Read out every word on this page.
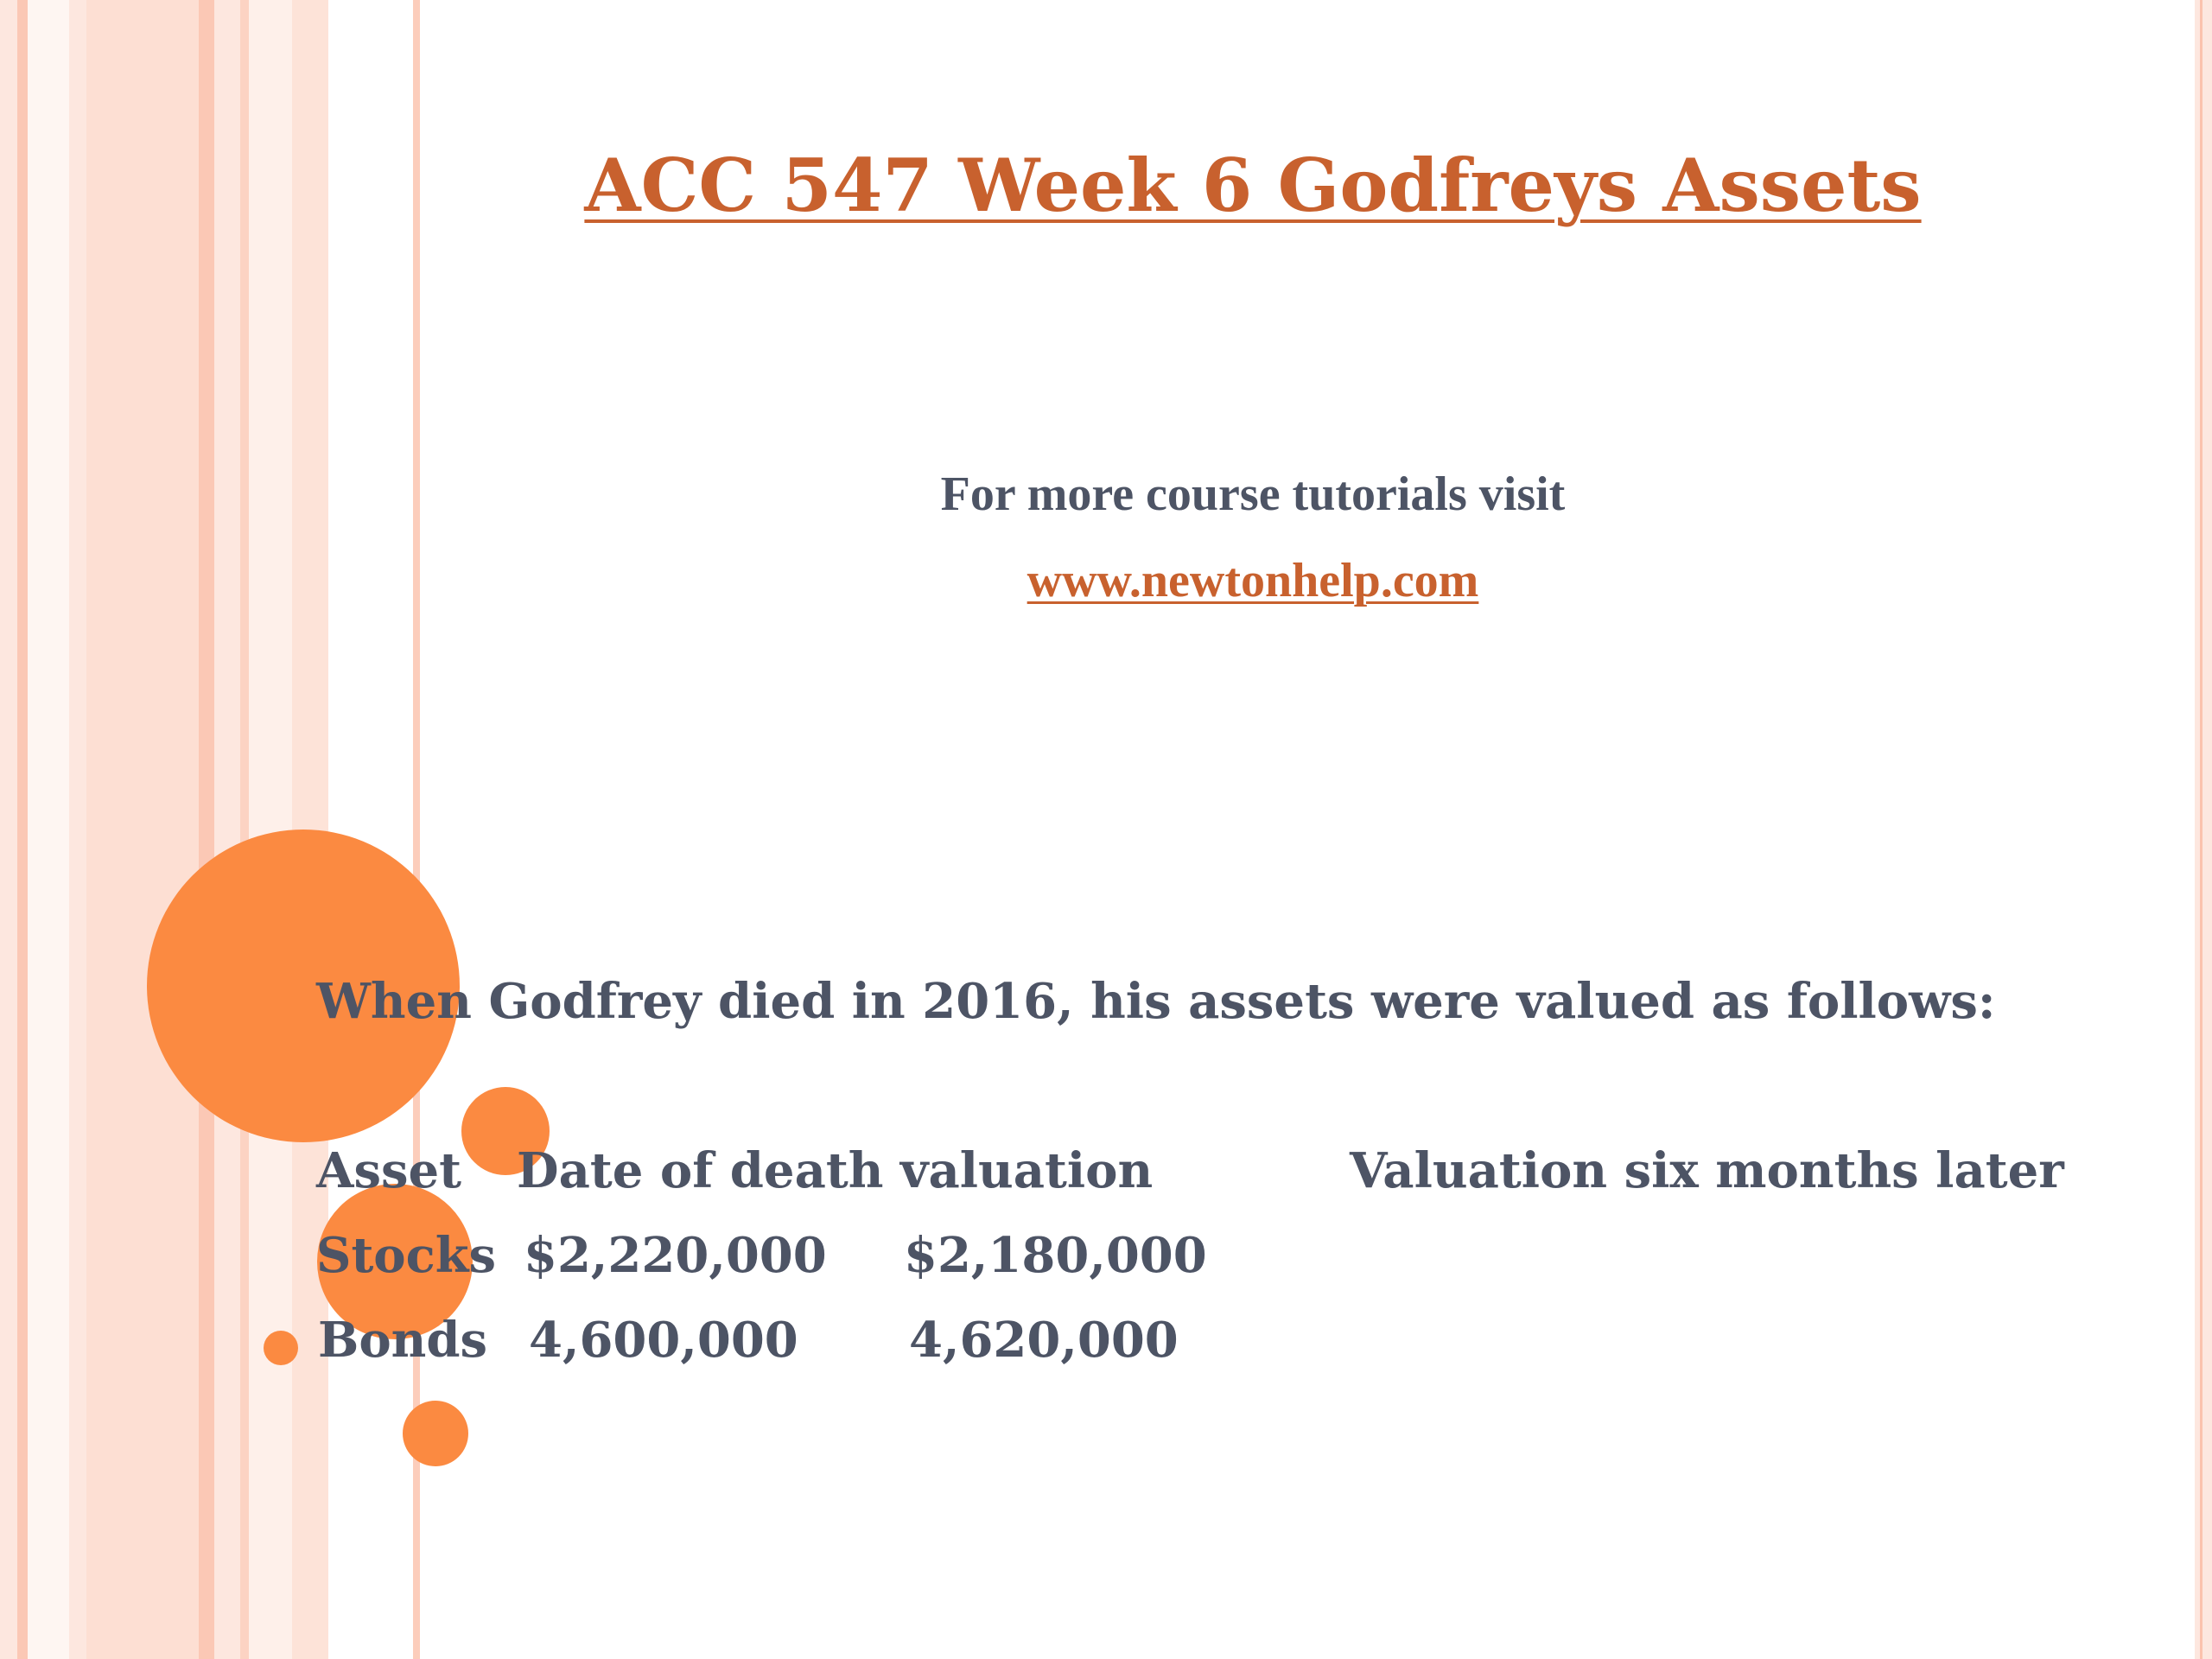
ACC 547 Week 6 Godfreys Assets
For more course tutorials visit
www.newtonhelp.com
When Godfrey died in 2016, his assets were valued as follows:
Asset Date of death valuation	Valuation six months later
Stocks $2,220,000 $2,180,000
Bonds 4,600,000 4,620,000
